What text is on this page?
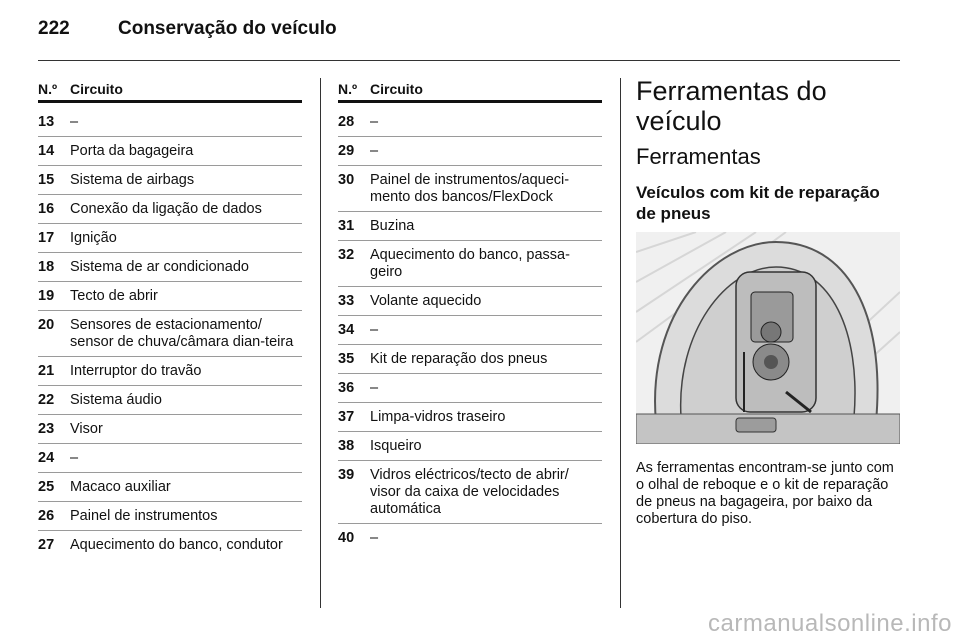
222	Conservação do veículo
N.º Circuito
13	–
14	Porta da bagageira
15	Sistema de airbags
16	Conexão da ligação de dados
17	Ignição
18	Sistema de ar condicionado
19	Tecto de abrir
20	Sensores de estacionamento/ sensor de chuva/câmara dian-teira
21	Interruptor do travão
22	Sistema áudio
23	Visor
24	–
25	Macaco auxiliar
26	Painel de instrumentos
27	Aquecimento do banco, condutor
N.º Circuito
28	–
29	–
30	Painel de instrumentos/aqueci-mento dos bancos/FlexDock
31	Buzina
32	Aquecimento do banco, passa-geiro
33	Volante aquecido
34	–
35	Kit de reparação dos pneus
36	–
37	Limpa-vidros traseiro
38	Isqueiro
39	Vidros eléctricos/tecto de abrir/ visor da caixa de velocidades automática
40	–
Ferramentas do veículo
Ferramentas
Veículos com kit de reparação de pneus
As ferramentas encontram-se junto com o olhal de reboque e o kit de reparação de pneus na bagageira, por baixo da cobertura do piso.
carmanualsonline.info
